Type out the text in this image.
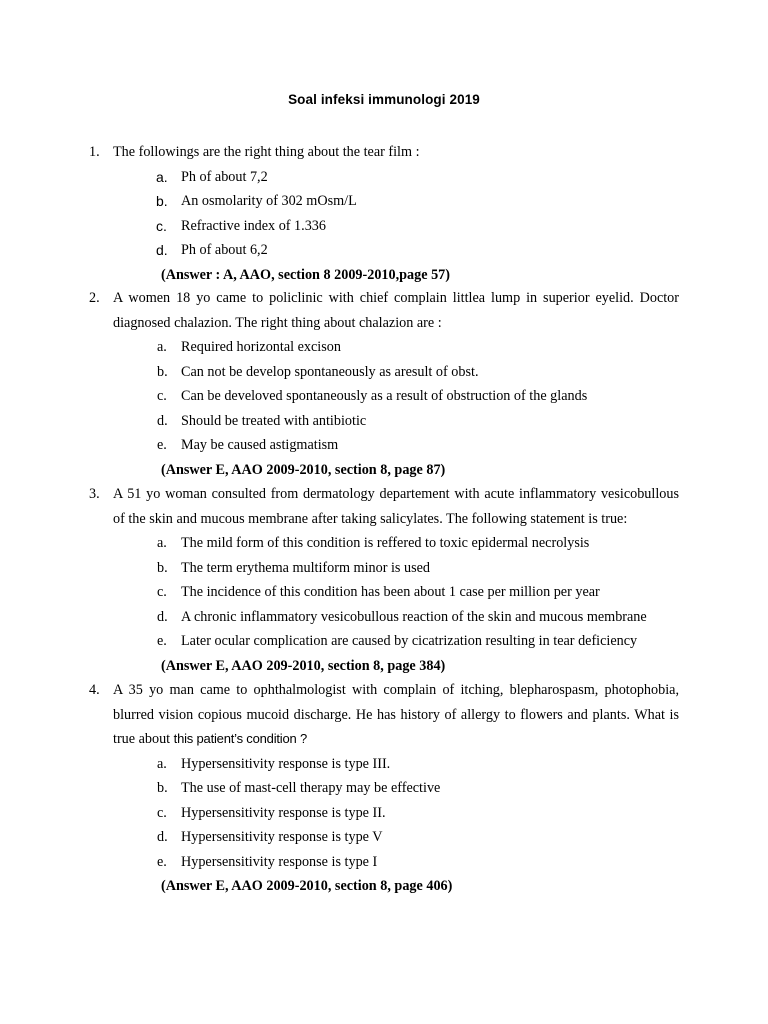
Soal infeksi immunologi 2019
1. The followings are the right thing about the tear film :
a. Ph of about 7,2
b. An osmolarity of 302 mOsm/L
c. Refractive index of 1.336
d. Ph of about 6,2
(Answer : A, AAO, section 8 2009-2010,page 57)
2. A women 18 yo came to policlinic with chief complain littlea lump in superior eyelid. Doctor diagnosed chalazion. The right thing about chalazion are :
a. Required horizontal excison
b. Can not be develop spontaneously as aresult of obst.
c. Can be develoved spontaneously as a result of obstruction of the glands
d. Should be treated with antibiotic
e. May be caused astigmatism
(Answer E, AAO 2009-2010, section 8, page 87)
3. A 51 yo woman consulted from dermatology departement with acute inflammatory vesicobullous of the skin and mucous membrane after taking salicylates. The following statement is true:
a. The mild form of this condition is reffered to toxic epidermal necrolysis
b. The term erythema multiform minor is used
c. The incidence of this condition has been about 1 case per million per year
d. A chronic inflammatory vesicobullous reaction of the skin and mucous membrane
e. Later ocular complication are caused by cicatrization resulting in tear deficiency
(Answer E, AAO 209-2010, section 8, page 384)
4. A 35 yo man came to ophthalmologist with complain of itching, blepharospasm, photophobia, blurred vision copious mucoid discharge. He has history of allergy to flowers and plants. What is true about this patient’s condition ?
a. Hypersensitivity response is type III.
b. The use of mast-cell therapy may be effective
c. Hypersensitivity response is type II.
d. Hypersensitivity response is type V
e. Hypersensitivity response is type I
(Answer E, AAO 2009-2010, section 8, page 406)
